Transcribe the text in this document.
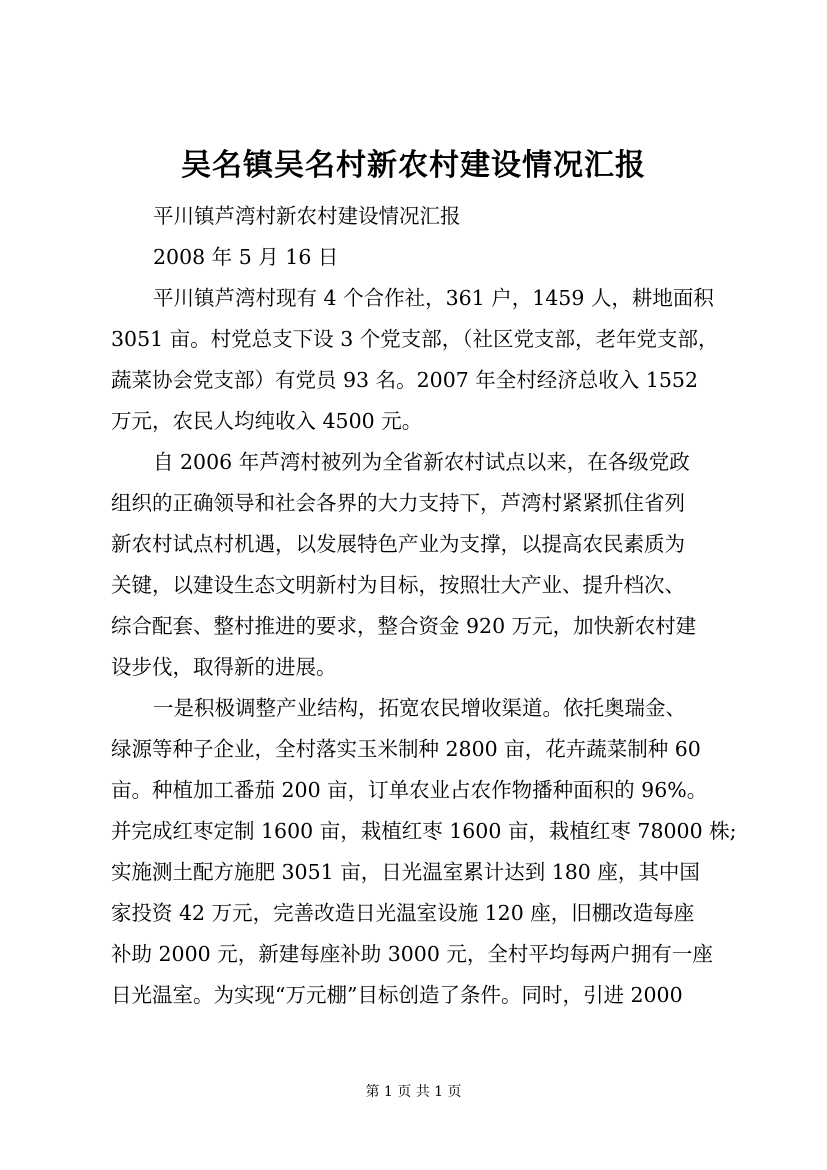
吴名镇吴名村新农村建设情况汇报
平川镇芦湾村新农村建设情况汇报
2008 年 5 月 16 日
平川镇芦湾村现有 4 个合作社，361 户，1459 人，耕地面积
3051 亩。村党总支下设 3 个党支部，（社区党支部，老年党支部，
蔬菜协会党支部）有党员 93 名。2007 年全村经济总收入 1552
万元，农民人均纯收入 4500 元。
自 2006 年芦湾村被列为全省新农村试点以来，在各级党政
组织的正确领导和社会各界的大力支持下，芦湾村紧紧抓住省列
新农村试点村机遇，以发展特色产业为支撑，以提高农民素质为
关键，以建设生态文明新村为目标，按照壮大产业、提升档次、
综合配套、整村推进的要求，整合资金 920 万元，加快新农村建
设步伐，取得新的进展。
一是积极调整产业结构，拓宽农民增收渠道。依托奥瑞金、
绿源等种子企业，全村落实玉米制种 2800 亩，花卉蔬菜制种 60
亩。种植加工番茄 200 亩，订单农业占农作物播种面积的 96%。
并完成红枣定制 1600 亩，栽植红枣 1600 亩，栽植红枣 78000 株;
实施测土配方施肥 3051 亩，日光温室累计达到 180 座，其中国
家投资 42 万元，完善改造日光温室设施 120 座，旧棚改造每座
补助 2000 元，新建每座补助 3000 元，全村平均每两户拥有一座
日光温室。为实现“万元棚”目标创造了条件。同时，引进 2000
第 1 页 共 1 页
